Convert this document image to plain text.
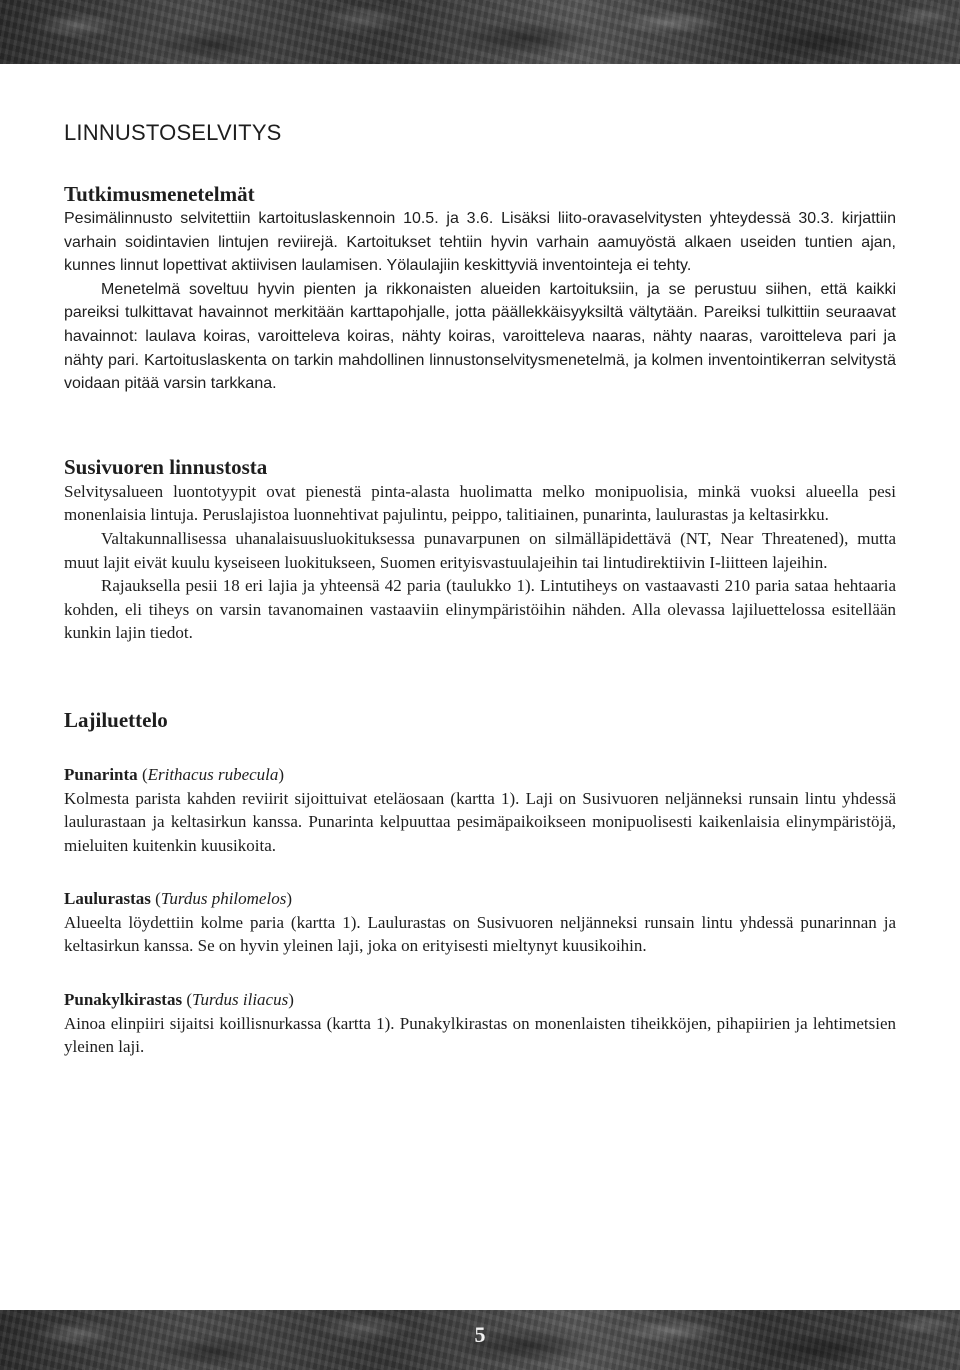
LINNUSTOSELVITYS
Tutkimusmenetelmät

Pesimälinnusto selvitettiin kartoituslaskennoin 10.5. ja 3.6. Lisäksi liito-oravaselvitysten yhteydessä 30.3. kirjattiin varhain soidintavien lintujen reviirejä. Kartoitukset tehtiin hyvin varhain aamuyöstä alkaen useiden tuntien ajan, kunnes linnut lopettivat aktiivisen laulamisen. Yölaulajiin keskittyviä inventointeja ei tehty.

Menetelmä soveltuu hyvin pienten ja rikkonaisten alueiden kartoituksiin, ja se perustuu siihen, että kaikki pareiksi tulkittavat havainnot merkitään karttapohjalle, jotta päällekkäisyyksiltä vältytään. Pareiksi tulkittiin seuraavat havainnot: laulava koiras, varoitteleva koiras, nähty koiras, varoitteleva naaras, nähty naaras, varoitteleva pari ja nähty pari. Kartoituslaskenta on tarkin mahdollinen linnustonselvitysmenetelmä, ja kolmen inventointikerran selvitystä voidaan pitää varsin tarkkana.

Susivuoren linnustosta

Selvitysalueen luontotyypit ovat pienestä pinta-alasta huolimatta melko monipuolisia, minkä vuoksi alueella pesi monenlaisia lintuja. Peruslajistoa luonnehtivat pajulintu, peippo, talitiainen, punarinta, laulurastas ja keltasirkku.

Valtakunnallisessa uhanalaisuusluokituksessa punavarpunen on silmälläpidettävä (NT, Near Threatened), mutta muut lajit eivät kuulu kyseiseen luokitukseen, Suomen erityisvastuulajeihin tai lintudirektiivin I-liitteen lajeihin.

Rajauksella pesii 18 eri lajia ja yhteensä 42 paria (taulukko 1). Lintutiheys on vastaavasti 210 paria sataa hehtaaria kohden, eli tiheys on varsin tavanomainen vastaaviin elinympäristöihin nähden. Alla olevassa lajiluettelossa esitellään kunkin lajin tiedot.

Lajiluettelo
Punarinta (Erithacus rubecula)

Kolmesta parista kahden reviirit sijoittuivat eteläosaan (kartta 1). Laji on Susivuoren neljänneksi runsain lintu yhdessä laulurastaan ja keltasirkun kanssa. Punarinta kelpuuttaa pesimäpaikoikseen monipuolisesti kaikenlaisia elinympäristöjä, mieluiten kuitenkin kuusikoita.

Laulurastas (Turdus philomelos)

Alueelta löydettiin kolme paria (kartta 1). Laulurastas on Susivuoren neljänneksi runsain lintu yhdessä punarinnan ja keltasirkun kanssa. Se on hyvin yleinen laji, joka on erityisesti mieltynyt kuusikoihin.

Punakylkirastas (Turdus iliacus)

Ainoa elinpiiri sijaitsi koillisnurkassa (kartta 1). Punakylkirastas on monenlaisten tiheikköjen, pihapiirien ja lehtimetsien yleinen laji.

5
